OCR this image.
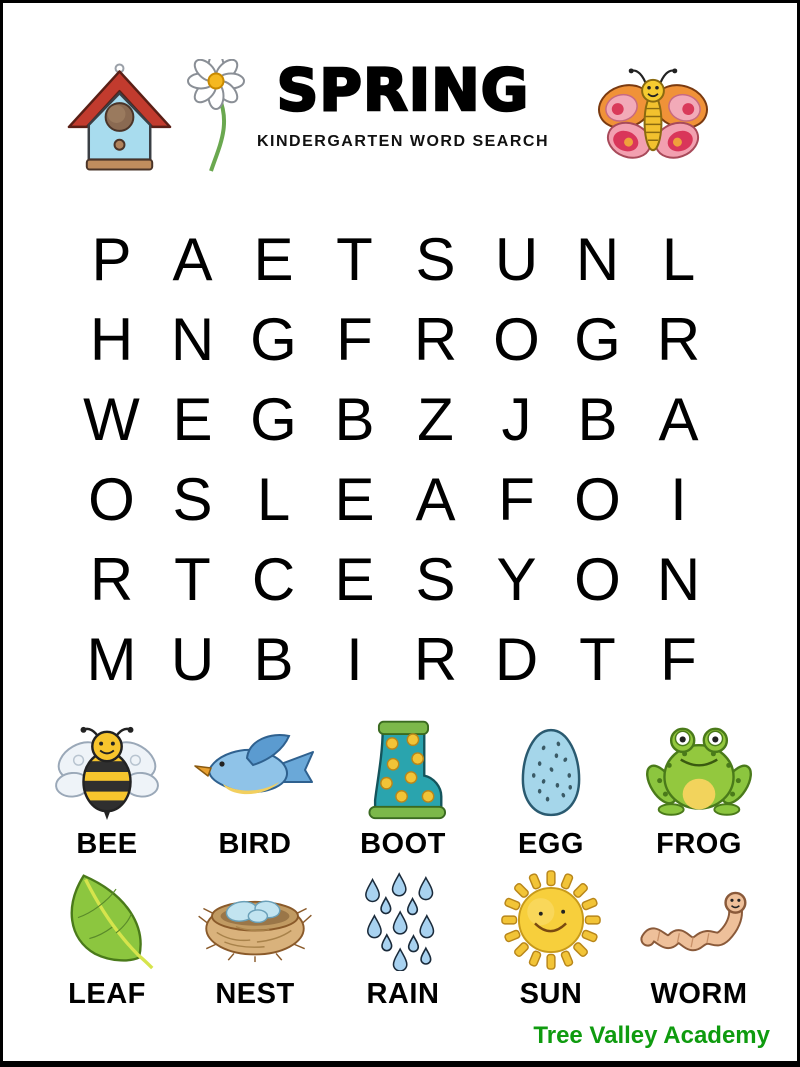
SPRING
KINDERGARTEN WORD SEARCH
P A E T S U N L
H N G F R O G R
W E G B Z J B A
O S L E A F O I
R T C E S Y O N
M U B I R D T F
BEE	BIRD BOOT EGG FROG
LEAF NEST RAIN	SUN WORM
Tree Valley Academy
